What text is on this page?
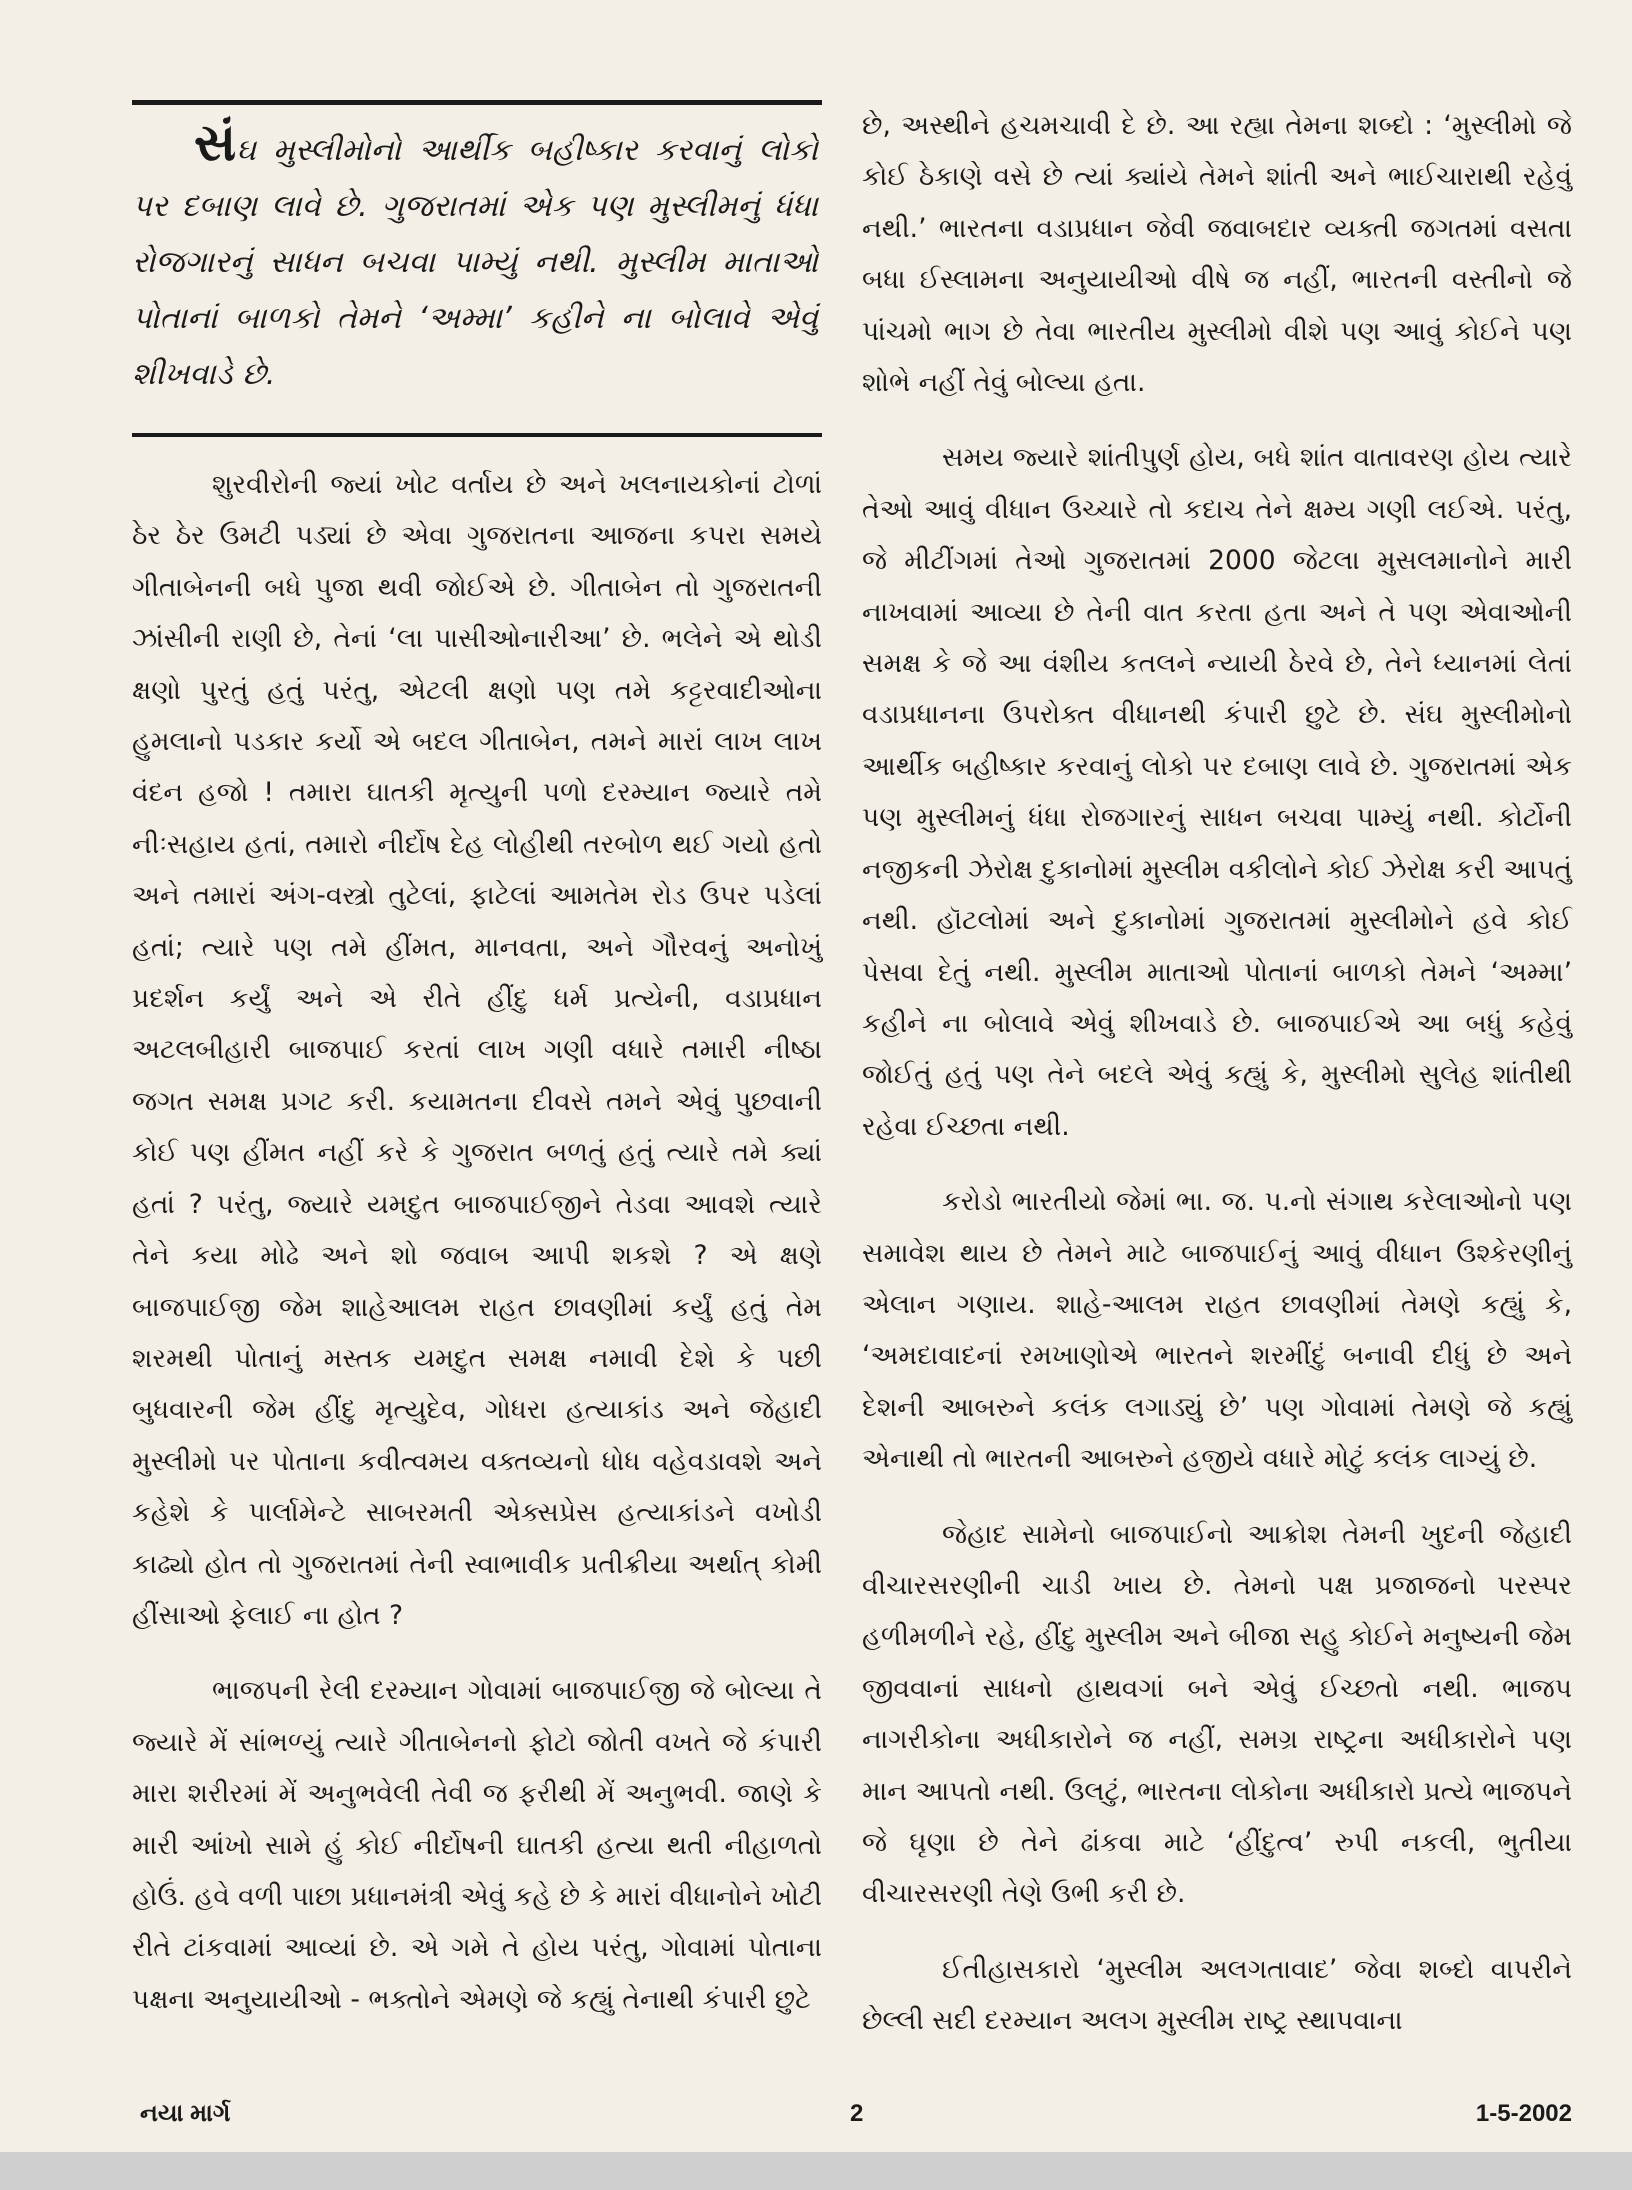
સંઘ મુસ્લીમોનો આર્થીક બહીષ્કાર કરવાનું લોકો પર દબાણ લાવે છે. ગુજરાતમાં એક પણ મુસ્લીમનું ધંધા રોજગારનું સાધન બચવા પામ્યું નથી. મુસ્લીમ માતાઓ પોતાનાં બાળકો તેમને ‘અમ્મા’ કહીને ના બોલાવે એવું શીખવાડે છે.

શુરવીરોની જ્યાં ખોટ વર્તાય છે અને ખલનાયકોનાં ટોળાં ઠેર ઠેર ઉમટી પડ્યાં છે એવા ગુજરાતના આજના કપરા સમયે ગીતાબેનની બધે પુજા થવી જોઈએ છે. ગીતાબેન તો ગુજરાતની ઝાંસીની રાણી છે, તેનાં ‘લા પાસીઓનારીઆ’ છે. ભલેને એ થોડી ક્ષણો પુરતું હતું પરંતુ, એટલી ક્ષણો પણ તમે કટ્ટરવાદીઓના હુમલાનો પડકાર કર્યો એ બદલ ગીતાબેન, તમને મારાં લાખ લાખ વંદન હજો ! તમારા ઘાતકી મૃત્યુની પળો દરમ્યાન જ્યારે તમે નીઃસહાય હતાં, તમારો નીર્દોષ દેહ લોહીથી તરબોળ થઈ ગયો હતો અને તમારાં અંગ-વસ્ત્રો તુટેલાં, ફાટેલાં આમતેમ રોડ ઉપર પડેલાં હતાં; ત્યારે પણ તમે હીંમત, માનવતા, અને ગૌરવનું અનોખું પ્રદર્શન કર્યું અને એ રીતે હીંદુ ધર્મ પ્રત્યેની, વડાપ્રધાન અટલબીહારી બાજપાઈ કરતાં લાખ ગણી વધારે તમારી નીષ્ઠા જગત સમક્ષ પ્રગટ કરી. કયામતના દીવસે તમને એવું પુછવાની કોઈ પણ હીંમત નહીં કરે કે ગુજરાત બળતું હતું ત્યારે તમે ક્યાં હતાં ? પરંતુ, જ્યારે યમદુત બાજપાઈજીને તેડવા આવશે ત્યારે તેને કયા મોઢે અને શો જવાબ આપી શકશે ? એ ક્ષણે બાજપાઈજી જેમ શાહેઆલમ રાહત છાવણીમાં કર્યું હતું તેમ શરમથી પોતાનું મસ્તક યમદુત સમક્ષ નમાવી દેશે કે પછી બુધવારની જેમ હીંદુ મૃત્યુદેવ, ગોધરા હત્યાકાંડ અને જેહાદી મુસ્લીમો પર પોતાના કવીત્વમય વક્તવ્યનો ધોધ વહેવડાવશે અને કહેશે કે પાર્લામેન્ટે સાબરમતી એક્સપ્રેસ હત્યાકાંડને વખોડી કાઢ્યો હોત તો ગુજરાતમાં તેની સ્વાભાવીક પ્રતીક્રીયા અર્થાત્ કોમી હીંસાઓ ફેલાઈ ના હોત ?

ભાજપની રેલી દરમ્યાન ગોવામાં બાજપાઈજી જે બોલ્યા તે જ્યારે મેં સાંભળ્યું ત્યારે ગીતાબેનનો ફોટો જોતી વખતે જે કંપારી મારા શરીરમાં મેં અનુભવેલી તેવી જ ફરીથી મેં અનુભવી. જાણે કે મારી આંખો સામે હું કોઈ નીર્દોષની ઘાતકી હત્યા થતી નીહાળતો હોઉં. હવે વળી પાછા પ્રધાનમંત્રી એવું કહે છે કે મારાં વીધાનોને ખોટી રીતે ટાંકવામાં આવ્યાં છે. એ ગમે તે હોય પરંતુ, ગોવામાં પોતાના પક્ષના અનુયાયીઓ - ભક્તોને એમણે જે કહ્યું તેનાથી કંપારી છુટે

છે, અસ્થીને હચમચાવી દે છે. આ રહ્યા તેમના શબ્દો : ‘મુસ્લીમો જે કોઈ ઠેકાણે વસે છે ત્યાં ક્યાંયે તેમને શાંતી અને ભાઈચારાથી રહેવું નથી.’ ભારતના વડાપ્રધાન જેવી જવાબદાર વ્યક્તી જગતમાં વસતા બધા ઈસ્લામના અનુયાયીઓ વીષે જ નહીં, ભારતની વસ્તીનો જે પાંચમો ભાગ છે તેવા ભારતીય મુસ્લીમો વીશે પણ આવું કોઈને પણ શોભે નહીં તેવું બોલ્યા હતા.

સમય જ્યારે શાંતીપુર્ણ હોય, બધે શાંત વાતાવરણ હોય ત્યારે તેઓ આવું વીધાન ઉચ્ચારે તો કદાચ તેને ક્ષમ્ય ગણી લઈએ. પરંતુ, જે મીટીંગમાં તેઓ ગુજરાતમાં 2000 જેટલા મુસલમાનોને મારી નાખવામાં આવ્યા છે તેની વાત કરતા હતા અને તે પણ એવાઓની સમક્ષ કે જે આ વંશીય કતલને ન્યાયી ઠેરવે છે, તેને ધ્યાનમાં લેતાં વડાપ્રધાનના ઉપરોક્ત વીધાનથી કંપારી છુટે છે. સંઘ મુસ્લીમોનો આર્થીક બહીષ્કાર કરવાનું લોકો પર દબાણ લાવે છે. ગુજરાતમાં એક પણ મુસ્લીમનું ધંધા રોજગારનું સાધન બચવા પામ્યું નથી. કોર્ટોની નજીકની ઝેરોક્ષ દુકાનોમાં મુસ્લીમ વકીલોને કોઈ ઝેરોક્ષ કરી આપતું નથી. હૉટલોમાં અને દુકાનોમાં ગુજરાતમાં મુસ્લીમોને હવે કોઈ પેસવા દેતું નથી. મુસ્લીમ માતાઓ પોતાનાં બાળકો તેમને ‘અમ્મા’ કહીને ના બોલાવે એવું શીખવાડે છે. બાજપાઈએ આ બધું કહેવું જોઈતું હતું પણ તેને બદલે એવું કહ્યું કે, મુસ્લીમો સુલેહ શાંતીથી રહેવા ઈચ્છતા નથી.

કરોડો ભારતીયો જેમાં ભા. જ. પ.નો સંગાથ કરેલાઓનો પણ સમાવેશ થાય છે તેમને માટે બાજપાઈનું આવું વીધાન ઉશ્કેરણીનું એલાન ગણાય. શાહે-આલમ રાહત છાવણીમાં તેમણે કહ્યું કે, ‘અમદાવાદનાં રમખાણોએ ભારતને શરમીંદું બનાવી દીધું છે અને દેશની આબરુને કલંક લગાડ્યું છે’ પણ ગોવામાં તેમણે જે કહ્યું એનાથી તો ભારતની આબરુને હજીયે વધારે મોટું કલંક લાગ્યું છે.

જેહાદ સામેનો બાજપાઈનો આક્રોશ તેમની ખુદની જેહાદી વીચારસરણીની ચાડી ખાય છે. તેમનો પક્ષ પ્રજાજનો પરસ્પર હળીમળીને રહે, હીંદુ મુસ્લીમ અને બીજા સહુ કોઈને મનુષ્યની જેમ જીવવાનાં સાધનો હાથવગાં બને એવું ઈચ્છતો નથી. ભાજપ નાગરીકોના અધીકારોને જ નહીં, સમગ્ર રાષ્ટ્રના અધીકારોને પણ માન આપતો નથી. ઉલટું, ભારતના લોકોના અધીકારો પ્રત્યે ભાજપને જે ઘૃણા છે તેને ઢાંકવા માટે ‘હીંદુત્વ’ રુપી નકલી, ભુતીયા વીચારસરણી તેણે ઉભી કરી છે.

ઈતીહાસકારો ‘મુસ્લીમ અલગતાવાદ’ જેવા શબ્દો વાપરીને છેલ્લી સદી દરમ્યાન અલગ મુસ્લીમ રાષ્ટ્ર સ્થાપવાના

નયા માર્ગ	2	1-5-2002
